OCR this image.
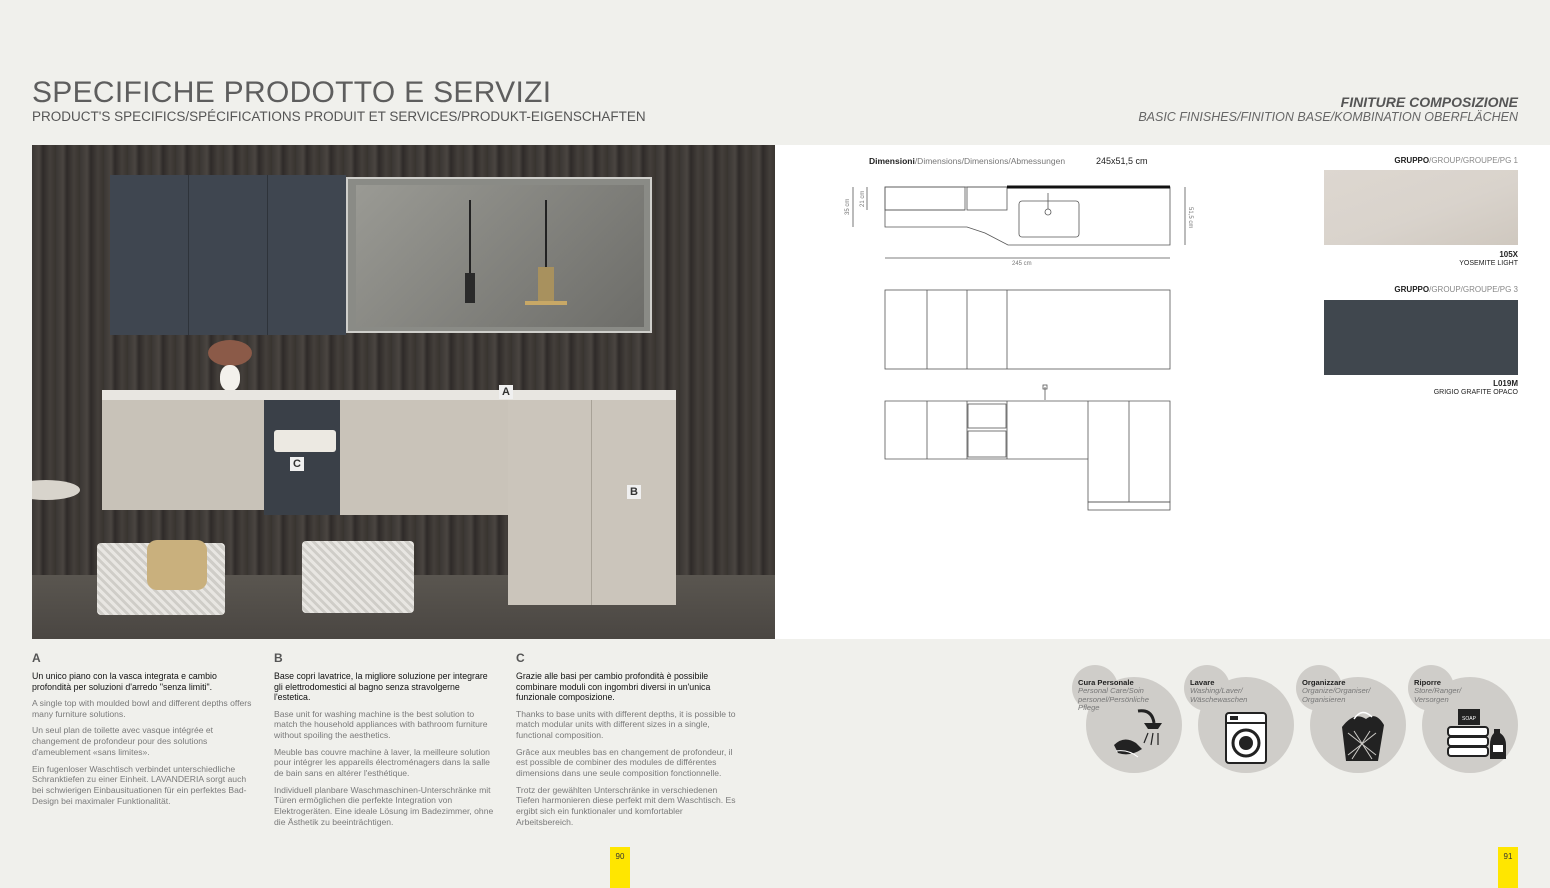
SPECIFICHE PRODOTTO E SERVIZI
PRODUCT'S SPECIFICS/SPÉCIFICATIONS PRODUIT ET SERVICES/PRODUKT-EIGENSCHAFTEN
FINITURE COMPOSIZIONE
BASIC FINISHES/FINITION BASE/KOMBINATION OBERFLÄCHEN
A
B
C
Dimensioni/Dimensions/Dimensions/Abmessungen	245x51,5 cm
35 cm 21 cm
51,5 cm
245 cm
GRUPPO/GROUP/GROUPE/PG 1
105X
YOSEMITE LIGHT
GRUPPO/GROUP/GROUPE/PG 3
L019M
GRIGIO GRAFITE OPACO
A
Un unico piano con la vasca integrata e cambio profondità per soluzioni d'arredo "senza limiti".
A single top with moulded bowl and different depths offers many furniture solutions.
Un seul plan de toilette avec vasque intégrée et changement de profondeur pour des solutions d'ameublement «sans limites».
Ein fugenloser Waschtisch verbindet unterschiedliche Schranktiefen zu einer Einheit. LAVANDERIA sorgt auch bei schwierigen Einbausituationen für ein perfektes Bad-Design bei maximaler Funktionalität.
B
Base copri lavatrice, la migliore soluzione per integrare gli elettrodomestici al bagno senza stravolgerne l'estetica.
Base unit for washing machine is the best solution to match the household appliances with bathroom furniture without spoiling the aesthetics.
Meuble bas couvre machine à laver, la meilleure solution pour intégrer les appareils électroménagers dans la salle de bain sans en altérer l'esthétique.
Individuell planbare Waschmaschinen-Unterschränke mit Türen ermöglichen die perfekte Integration von Elektrogeräten. Eine ideale Lösung im Badezimmer, ohne die Ästhetik zu beeinträchtigen.
C
Grazie alle basi per cambio profondità è possibile combinare moduli con ingombri diversi in un'unica funzionale composizione.
Thanks to base units with different depths, it is possible to match modular units with different sizes in a single, functional composition.
Grâce aux meubles bas en changement de profondeur, il est possible de combiner des modules de différentes dimensions dans une seule composition fonctionnelle.
Trotz der gewählten Unterschränke in verschiedenen Tiefen harmonieren diese perfekt mit dem Waschtisch. Es ergibt sich ein funktionaler und komfortabler Arbeitsbereich.
Cura Personale
Personal Care/Soin personel/Persönliche Pflege
Lavare
Washing/Laver/ Wäschewaschen
Organizzare
Organize/Organiser/ Organisieren
Riporre
Store/Ranger/ Versorgen
SOAP
90	91
